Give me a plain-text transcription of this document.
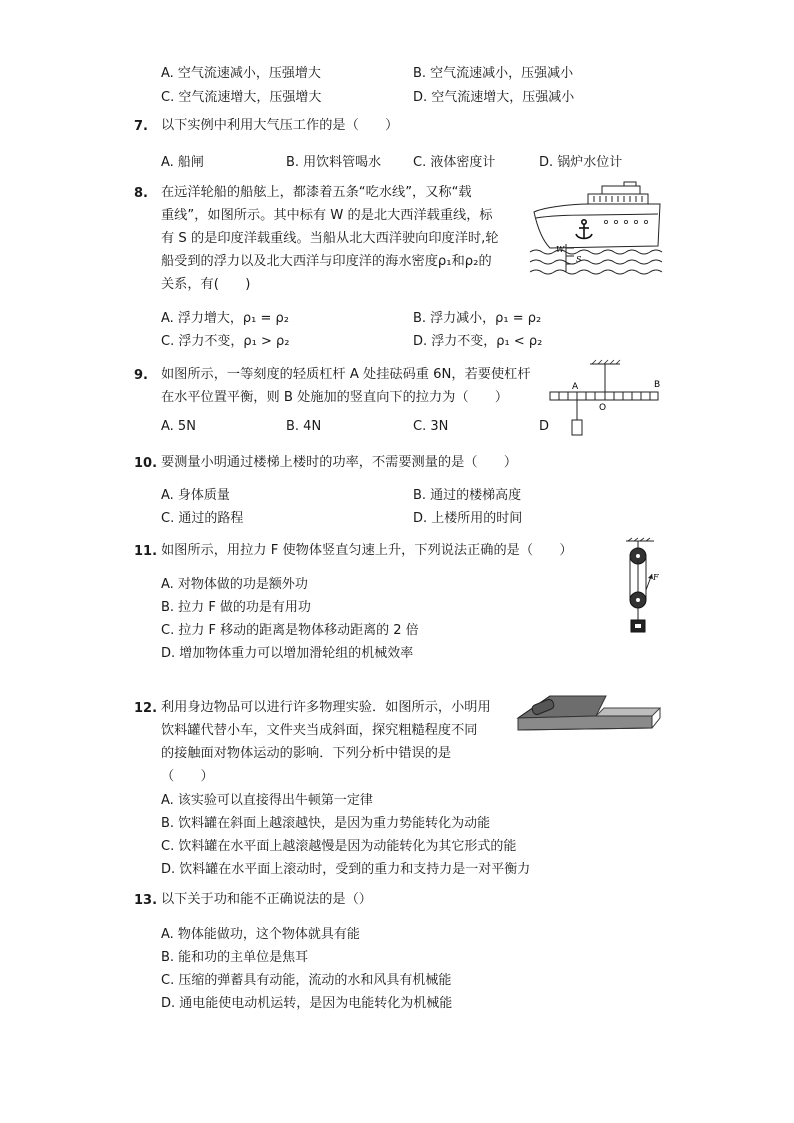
A. 空气流速减小，压强增大	B. 空气流速减小，压强减小
C. 空气流速增大，压强增大	D. 空气流速增大，压强减小
7. 以下实例中利用大气压工作的是（　　）
A. 船闸	B. 用饮料管喝水 C. 液体密度计	D. 锅炉水位计
8. 在远洋轮船的船舷上，都漆着五条“吃水线”，又称“载
重线”，如图所示。其中标有 W 的是北大西洋载重线，标
有 S 的是印度洋载重线。当船从北大西洋驶向印度洋时,轮
船受到的浮力以及北大西洋与印度洋的海水密度ρ₁和ρ₂的
关系，有(　　)
W
S
A. 浮力增大，ρ₁ = ρ₂	B. 浮力减小，ρ₁ = ρ₂
C. 浮力不变，ρ₁ > ρ₂	D. 浮力不变，ρ₁ < ρ₂
9. 如图所示，一等刻度的轻质杠杆 A 处挂砝码重 6N，若要使杠杆
在水平位置平衡，则 B 处施加的竖直向下的拉力为（　　）
A	B
O
A. 5N	B. 4N	C. 3N	D
10. 要测量小明通过楼梯上楼时的功率，不需要测量的是（　　）
A. 身体质量	B. 通过的楼梯高度
C. 通过的路程	D. 上楼所用的时间
11. 如图所示，用拉力 F 使物体竖直匀速上升，下列说法正确的是（　　）
F
A. 对物体做的功是额外功
B. 拉力 F 做的功是有用功
C. 拉力 F 移动的距离是物体移动距离的 2 倍
D. 增加物体重力可以增加滑轮组的机械效率
12. 利用身边物品可以进行许多物理实验．如图所示，小明用
饮料罐代替小车，文件夹当成斜面，探究粗糙程度不同
的接触面对物体运动的影响．下列分析中错误的是
（　　）
A. 该实验可以直接得出牛顿第一定律
B. 饮料罐在斜面上越滚越快，是因为重力势能转化为动能
C. 饮料罐在水平面上越滚越慢是因为动能转化为其它形式的能
D. 饮料罐在水平面上滚动时，受到的重力和支持力是一对平衡力
13. 以下关于功和能不正确说法的是（）
A. 物体能做功，这个物体就具有能
B. 能和功的主单位是焦耳
C. 压缩的弹蓄具有动能，流动的水和风具有机械能
D. 通电能使电动机运转，是因为电能转化为机械能
